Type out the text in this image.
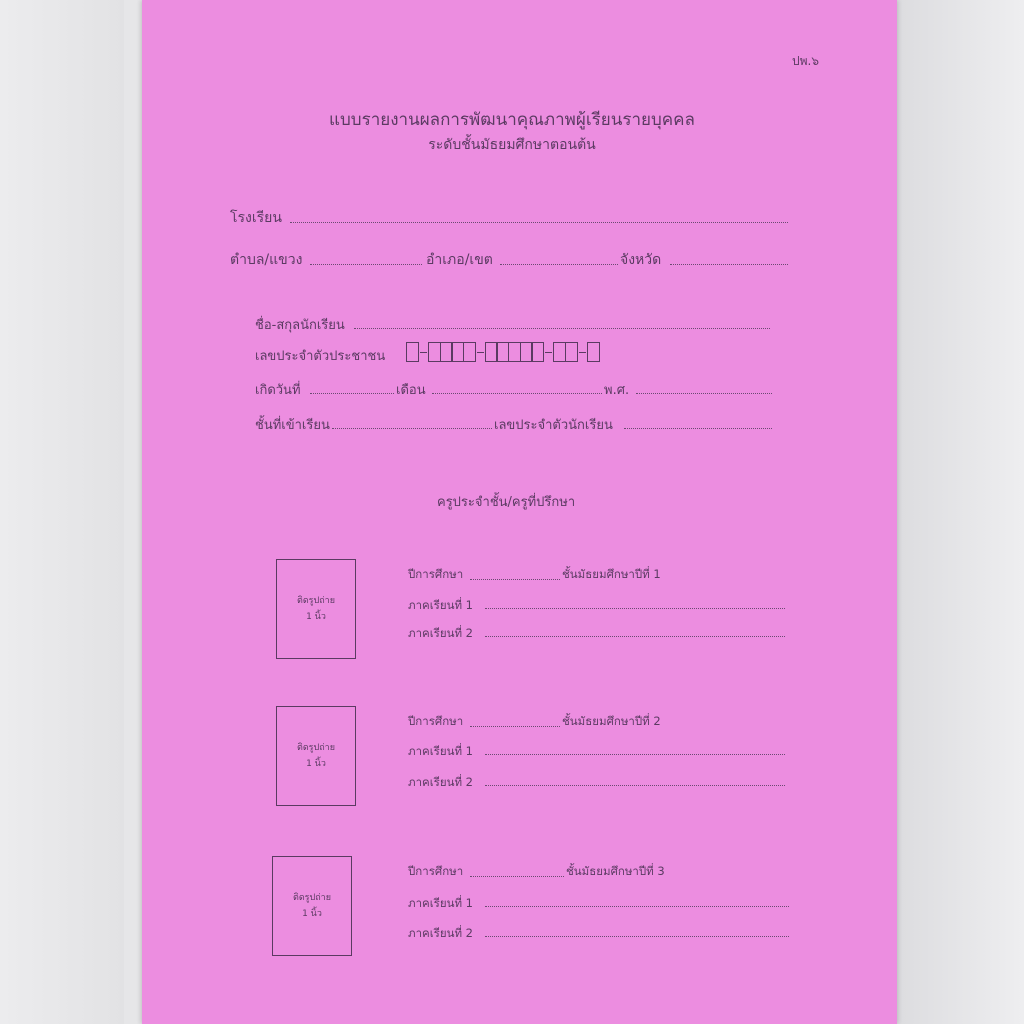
ปพ.๖
แบบรายงานผลการพัฒนาคุณภาพผู้เรียนรายบุคคล
ระดับชั้นมัธยมศึกษาตอนต้น
โรงเรียน
ตำบล/แขวง	อำเภอ/เขต	จังหวัด
ชื่อ-สกุลนักเรียน
เลขประจำตัวประชาชน
เกิดวันที่	เดือน	พ.ศ.
ชั้นที่เข้าเรียน	เลขประจำตัวนักเรียน
ครูประจำชั้น/ครูที่ปรึกษา
ติดรูปถ่าย
1 นิ้ว
ปีการศึกษา	ชั้นมัธยมศึกษาปีที่ 1
ภาคเรียนที่ 1
ภาคเรียนที่ 2
ติดรูปถ่าย
1 นิ้ว
ปีการศึกษา	ชั้นมัธยมศึกษาปีที่ 2
ภาคเรียนที่ 1
ภาคเรียนที่ 2
ติดรูปถ่าย
1 นิ้ว
ปีการศึกษา	ชั้นมัธยมศึกษาปีที่ 3
ภาคเรียนที่ 1
ภาคเรียนที่ 2
